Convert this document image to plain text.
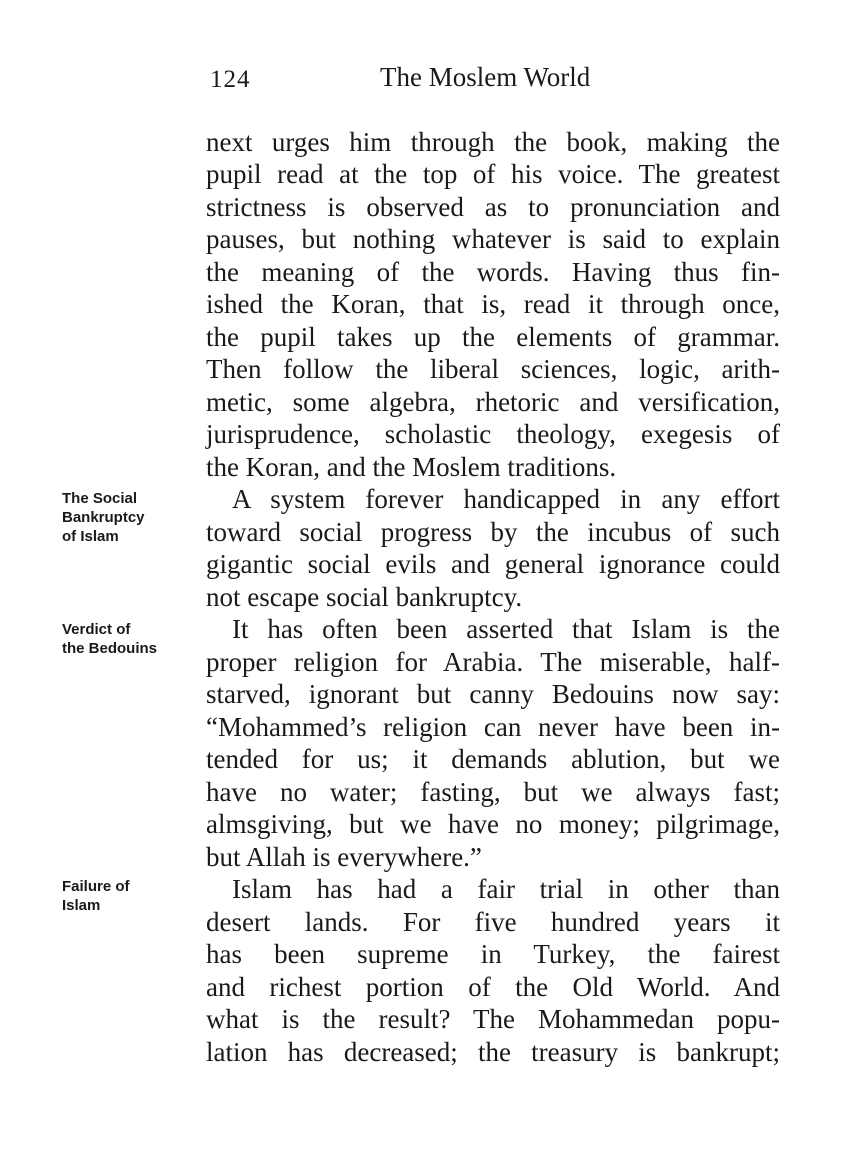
124	The Moslem World
The Social
Bankruptcy
of Islam
Verdict of
the Bedouins
Failure of
Islam
next urges him through the book, making the
pupil read at the top of his voice. The greatest
strictness is observed as to pronunciation and
pauses, but nothing whatever is said to explain
the meaning of the words. Having thus fin-
ished the Koran, that is, read it through once,
the pupil takes up the elements of grammar.
Then follow the liberal sciences, logic, arith-
metic, some algebra, rhetoric and versification,
jurisprudence, scholastic theology, exegesis of
the Koran, and the Moslem traditions.
A system forever handicapped in any effort
toward social progress by the incubus of such
gigantic social evils and general ignorance could
not escape social bankruptcy.
It has often been asserted that Islam is the
proper religion for Arabia. The miserable, half-
starved, ignorant but canny Bedouins now say:
“Mohammed’s religion can never have been in-
tended for us; it demands ablution, but we
have no water; fasting, but we always fast;
almsgiving, but we have no money; pilgrimage,
but Allah is everywhere.”
Islam has had a fair trial in other than
desert lands. For five hundred years it
has been supreme in Turkey, the fairest
and richest portion of the Old World. And
what is the result? The Mohammedan popu-
lation has decreased; the treasury is bankrupt;
